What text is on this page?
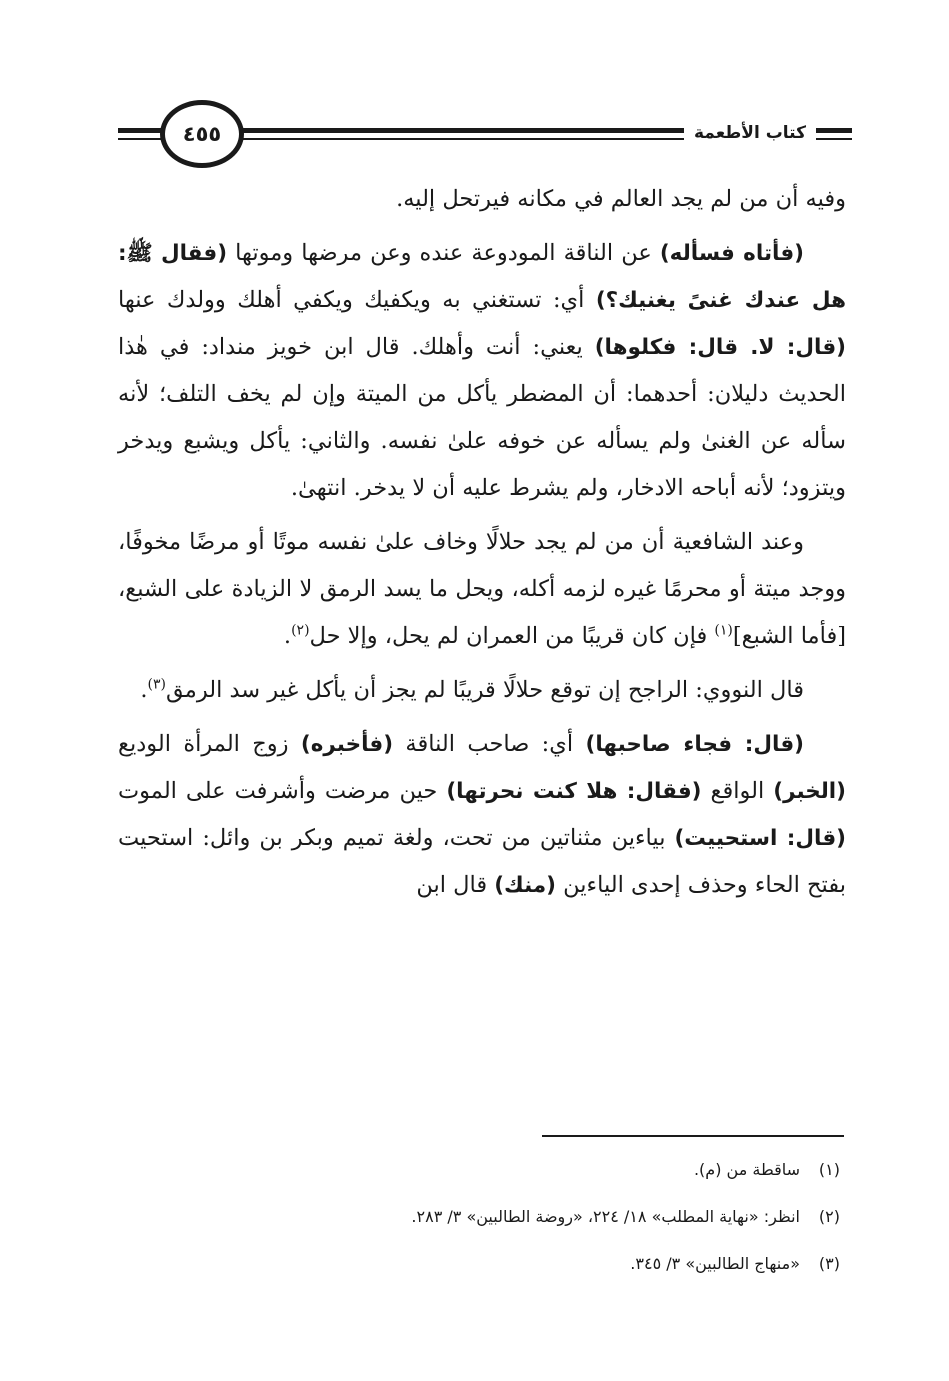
كتاب الأطعمة
٤٥٥

وفيه أن من لم يجد العالم في مكانه فيرتحل إليه.

(فأتاه فسأله) عن الناقة المودوعة عنده وعن مرضها وموتها (فقال ﷺ: هل عندك غنىً يغنيك؟) أي: تستغني به ويكفيك ويكفي أهلك وولدك عنها (قال: لا. قال: فكلوها) يعني: أنت وأهلك. قال ابن خويز منداد: في هٰذا الحديث دليلان: أحدهما: أن المضطر يأكل من الميتة وإن لم يخف التلف؛ لأنه سأله عن الغنىٰ ولم يسأله عن خوفه علىٰ نفسه. والثاني: يأكل ويشبع ويدخر ويتزود؛ لأنه أباحه الادخار، ولم يشرط عليه أن لا يدخر. انتهىٰ.

وعند الشافعية أن من لم يجد حلالًا وخاف علىٰ نفسه موتًا أو مرضًا مخوفًا، ووجد ميتة أو محرمًا غيره لزمه أكله، ويحل ما يسد الرمق لا الزيادة على الشبع، [فأما الشبع]$^{(١)}$ فإن كان قريبًا من العمران لم يحل، وإلا حل$^{(٢)}$.

قال النووي: الراجح إن توقع حلالًا قريبًا لم يجز أن يأكل غير سد الرمق$^{(٣)}$.

(قال: فجاء صاحبها) أي: صاحب الناقة (فأخبره) زوج المرأة الوديع (الخبر) الواقع (فقال: هلا كنت نحرتها) حين مرضت وأشرفت على الموت (قال: استحييت) بياءين مثناتين من تحت، ولغة تميم وبكر بن وائل: استحيت بفتح الحاء وحذف إحدى الياءين (منك) قال ابن

(١)ساقطة من (م).
(٢)انظر: «نهاية المطلب» ١٨/ ٢٢٤، «روضة الطالبين» ٣/ ٢٨٣.
(٣)«منهاج الطالبين» ٣/ ٣٤٥.
